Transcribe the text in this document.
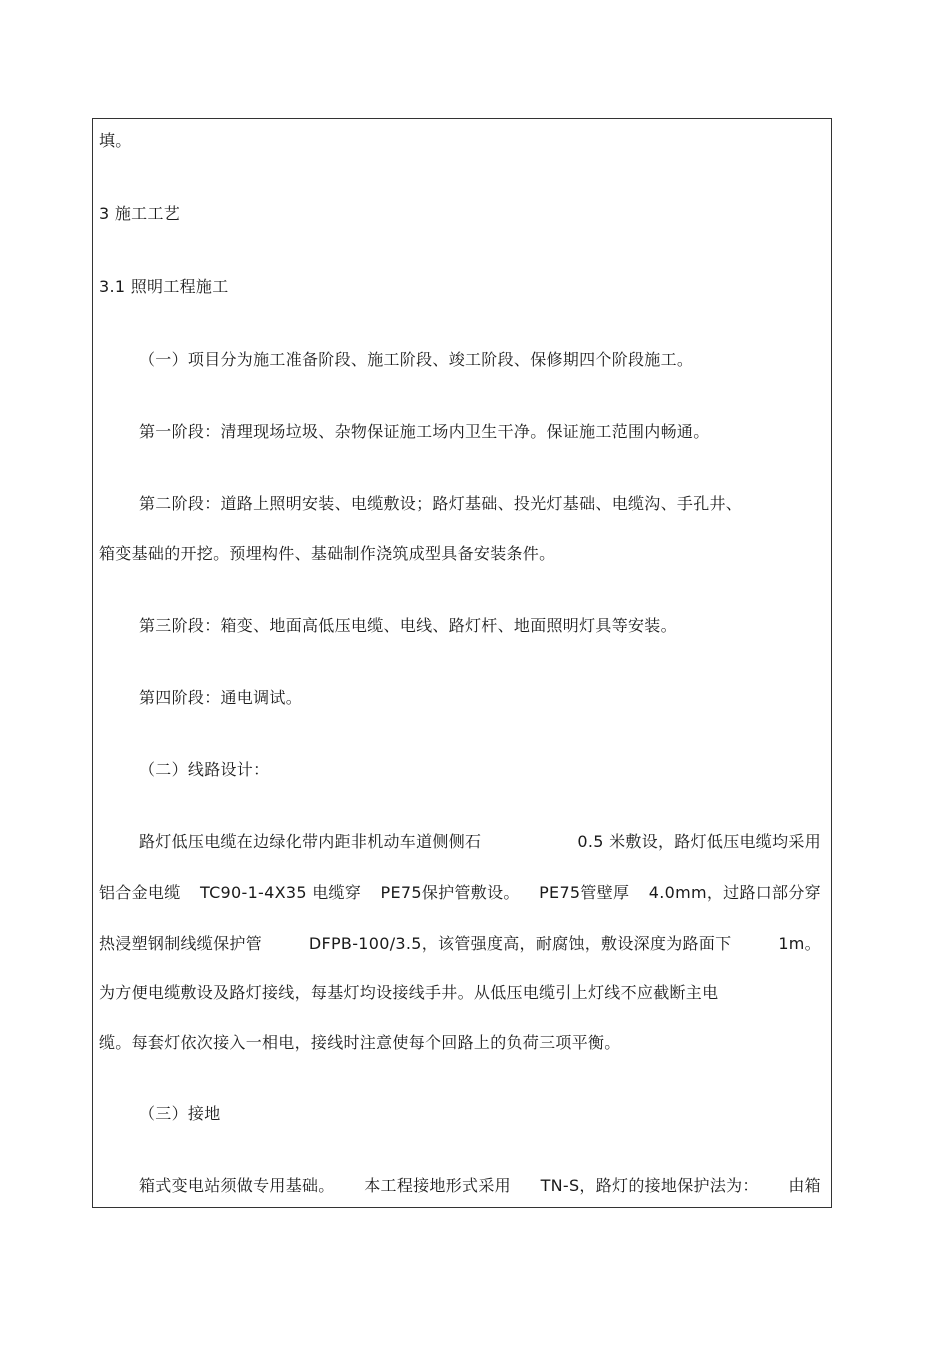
填。
3 施工工艺
3.1 照明工程施工
（一）项目分为施工准备阶段、施工阶段、竣工阶段、保修期四个阶段施工。
第一阶段：清理现场垃圾、杂物保证施工场内卫生干净。保证施工范围内畅通。
第二阶段：道路上照明安装、电缆敷设；路灯基础、投光灯基础、电缆沟、手孔井、
箱变基础的开挖。预埋构件、基础制作浇筑成型具备安装条件。
第三阶段：箱变、地面高低压电缆、电线、路灯杆、地面照明灯具等安装。
第四阶段：通电调试。
（二）线路设计：
路灯低压电缆在边绿化带内距非机动车道侧侧石	0.5 米敷设，路灯低压电缆均采用
铝合金电缆 TC90-1-4X35 电缆穿 PE75保护管敷设。 PE75管壁厚 4.0mm，过路口部分穿
热浸塑钢制线缆保护管	DFPB-100/3.5，该管强度高，耐腐蚀，敷设深度为路面下	1m。
为方便电缆敷设及路灯接线，每基灯均设接线手井。从低压电缆引上灯线不应截断主电
缆。每套灯依次接入一相电，接线时注意使每个回路上的负荷三项平衡。
（三）接地
箱式变电站须做专用基础。 本工程接地形式采用 TN-S，路灯的接地保护法为： 由箱
